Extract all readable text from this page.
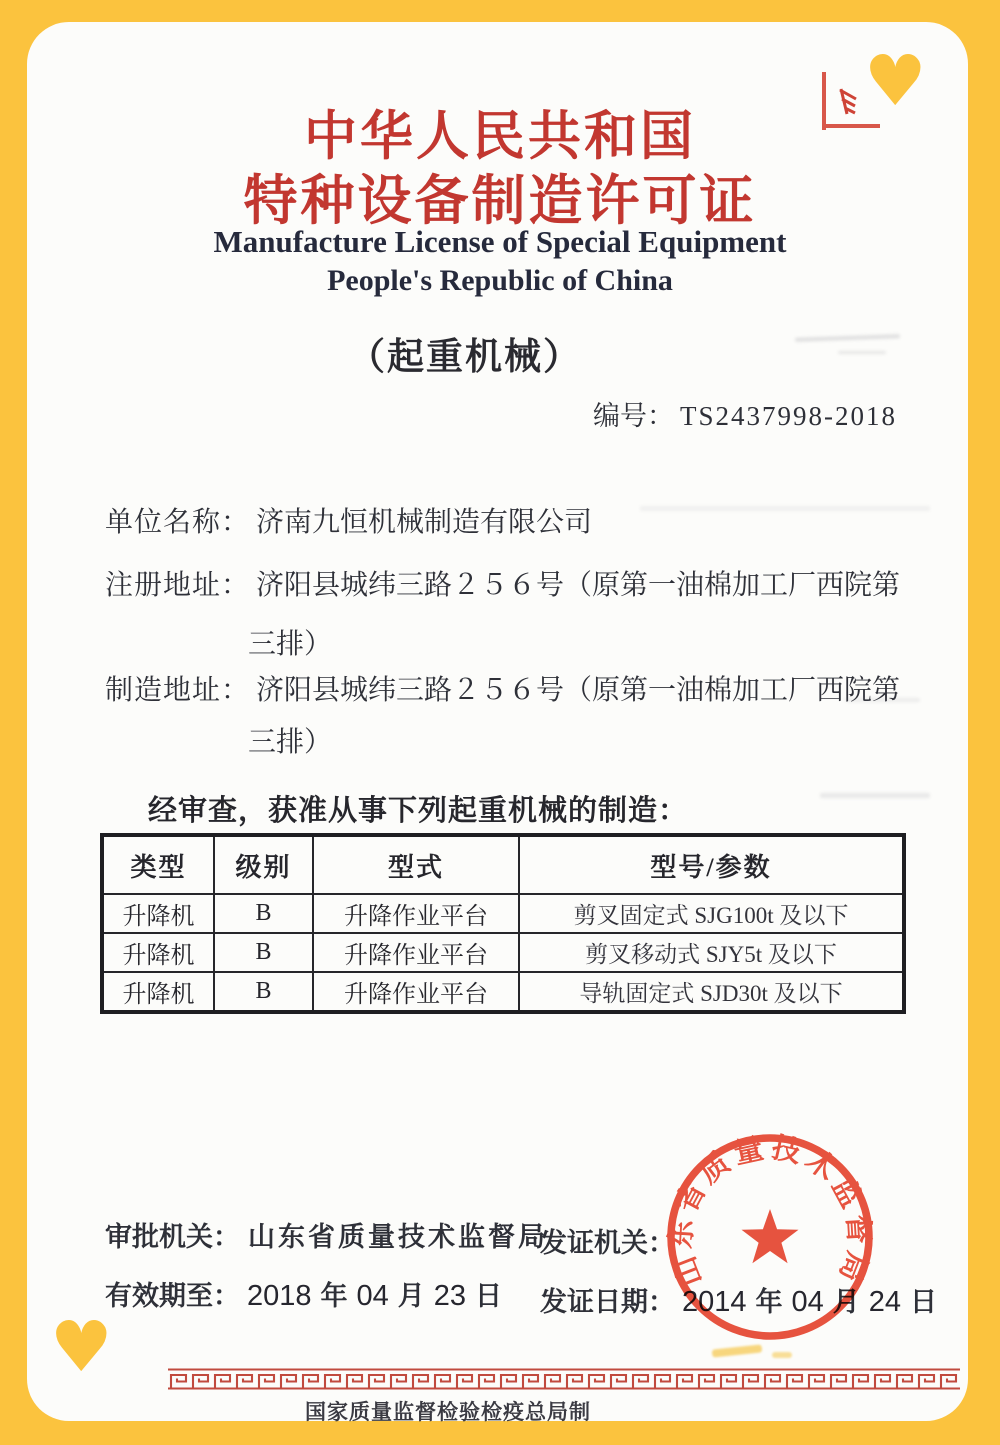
♥
♥
中华人民共和国
特种设备制造许可证
Manufacture License of Special Equipment
People's Republic of China
（起重机械）
编号： TS2437998-2018
单位名称： 济南九恒机械制造有限公司
注册地址： 济阳县城纬三路２５６号（原第一油棉加工厂西院第
三排）
制造地址： 济阳县城纬三路２５６号（原第一油棉加工厂西院第
三排）
经审查，获准从事下列起重机械的制造：
类型	级别	型式	型号/参数
升降机	B	升降作业平台	剪叉固定式 SJG100t 及以下
升降机	B	升降作业平台	剪叉移动式 SJY5t 及以下
升降机	B	升降作业平台	导轨固定式 SJD30t 及以下
审批机关： 山东省质量技术监督局
发证机关：
有效期至： 2018 年 04 月 23 日 发证日期： 2014 年 04 月 24 日
山东省质量技术监督局
国家质量监督检验检疫总局制
